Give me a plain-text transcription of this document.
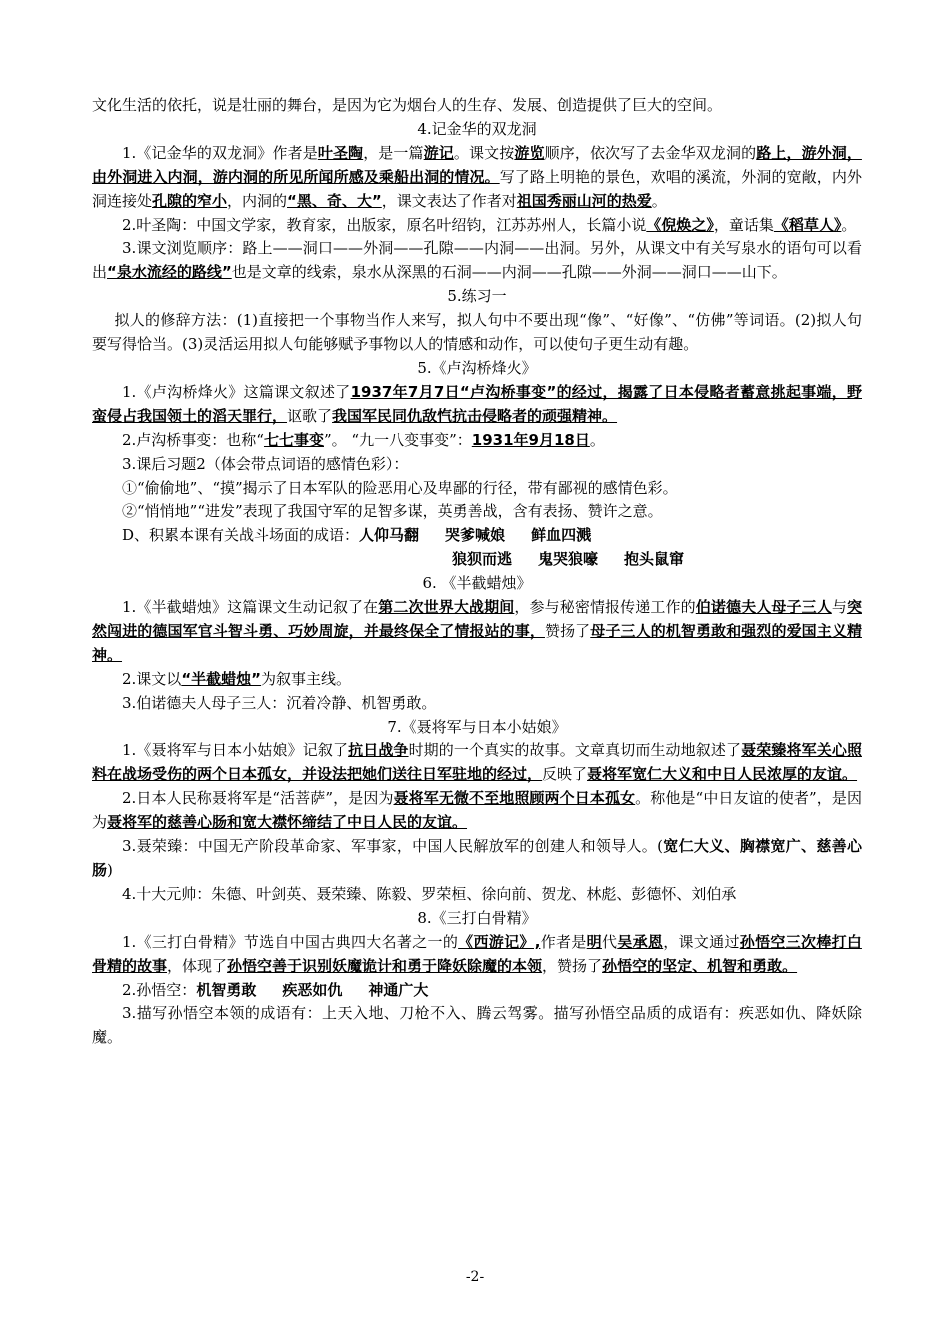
文化生活的依托，说是壮丽的舞台，是因为它为烟台人的生存、发展、创造提供了巨大的空间。

4.记金华的双龙洞

1.《记金华的双龙洞》作者是叶圣陶，是一篇游记。课文按游览顺序，依次写了去金华双龙洞的路上，游外洞，由外洞进入内洞，游内洞的所见所闻所感及乘船出洞的情况。写了路上明艳的景色，欢唱的溪流，外洞的宽敞，内外洞连接处孔隙的窄小，内洞的“黑、奇、大”，课文表达了作者对祖国秀丽山河的热爱。

2.叶圣陶：中国文学家，教育家，出版家，原名叶绍钧，江苏苏州人，长篇小说《倪焕之》，童话集《稻草人》。

3.课文浏览顺序：路上——洞口——外洞——孔隙——内洞——出洞。另外，从课文中有关写泉水的语句可以看出“泉水流经的路线”也是文章的线索，泉水从深黑的石洞——内洞——孔隙——外洞——洞口——山下。

5.练习一

拟人的修辞方法：(1)直接把一个事物当作人来写，拟人句中不要出现“像”、“好像”、“仿佛”等词语。(2)拟人句要写得恰当。(3)灵活运用拟人句能够赋予事物以人的情感和动作，可以使句子更生动有趣。

5.《卢沟桥烽火》

1.《卢沟桥烽火》这篇课文叙述了1937年7月7日“卢沟桥事变”的经过，揭露了日本侵略者蓄意挑起事端，野蛮侵占我国领土的滔天罪行，讴歌了我国军民同仇敌忾抗击侵略者的顽强精神。

2.卢沟桥事变：也称“七七事变”。 “九一八变事变”：1931年9月18日。

3.课后习题2（体会带点词语的感情色彩）：

①“偷偷地”、“摸”揭示了日本军队的险恶用心及卑鄙的行径，带有鄙视的感情色彩。

②“悄悄地”“进发”表现了我国守军的足智多谋，英勇善战，含有表扬、赞许之意。

D、积累本课有关战斗场面的成语：人仰马翻 哭爹喊娘 鲜血四溅

狼狈而逃 鬼哭狼嚎 抱头鼠窜

6. 《半截蜡烛》

1.《半截蜡烛》这篇课文生动记叙了在第二次世界大战期间，参与秘密情报传递工作的伯诺德夫人母子三人与突然闯进的德国军官斗智斗勇、巧妙周旋，并最终保全了情报站的事，赞扬了母子三人的机智勇敢和强烈的爱国主义精神。

2.课文以“半截蜡烛”为叙事主线。

3.伯诺德夫人母子三人：沉着冷静、机智勇敢。

7.《聂将军与日本小姑娘》

1.《聂将军与日本小姑娘》记叙了抗日战争时期的一个真实的故事。文章真切而生动地叙述了聂荣臻将军关心照料在战场受伤的两个日本孤女，并设法把她们送往日军驻地的经过，反映了聂将军宽仁大义和中日人民浓厚的友谊。

2.日本人民称聂将军是“活菩萨”，是因为聂将军无微不至地照顾两个日本孤女。称他是“中日友谊的使者”，是因为聂将军的慈善心肠和宽大襟怀缔结了中日人民的友谊。

3.聂荣臻：中国无产阶段革命家、军事家，中国人民解放军的创建人和领导人。(宽仁大义、胸襟宽广、慈善心肠)

4.十大元帅：朱德、叶剑英、聂荣臻、陈毅、罗荣桓、徐向前、贺龙、林彪、彭德怀、刘伯承

8.《三打白骨精》

1.《三打白骨精》节选自中国古典四大名著之一的《西游记》,作者是明代吴承恩，课文通过孙悟空三次棒打白骨精的故事，体现了孙悟空善于识别妖魔诡计和勇于降妖除魔的本领，赞扬了孙悟空的坚定、机智和勇敢。

2.孙悟空：机智勇敢 疾恶如仇 神通广大

3.描写孙悟空本领的成语有：上天入地、刀枪不入、腾云驾雾。描写孙悟空品质的成语有：疾恶如仇、降妖除魔。

-2-
